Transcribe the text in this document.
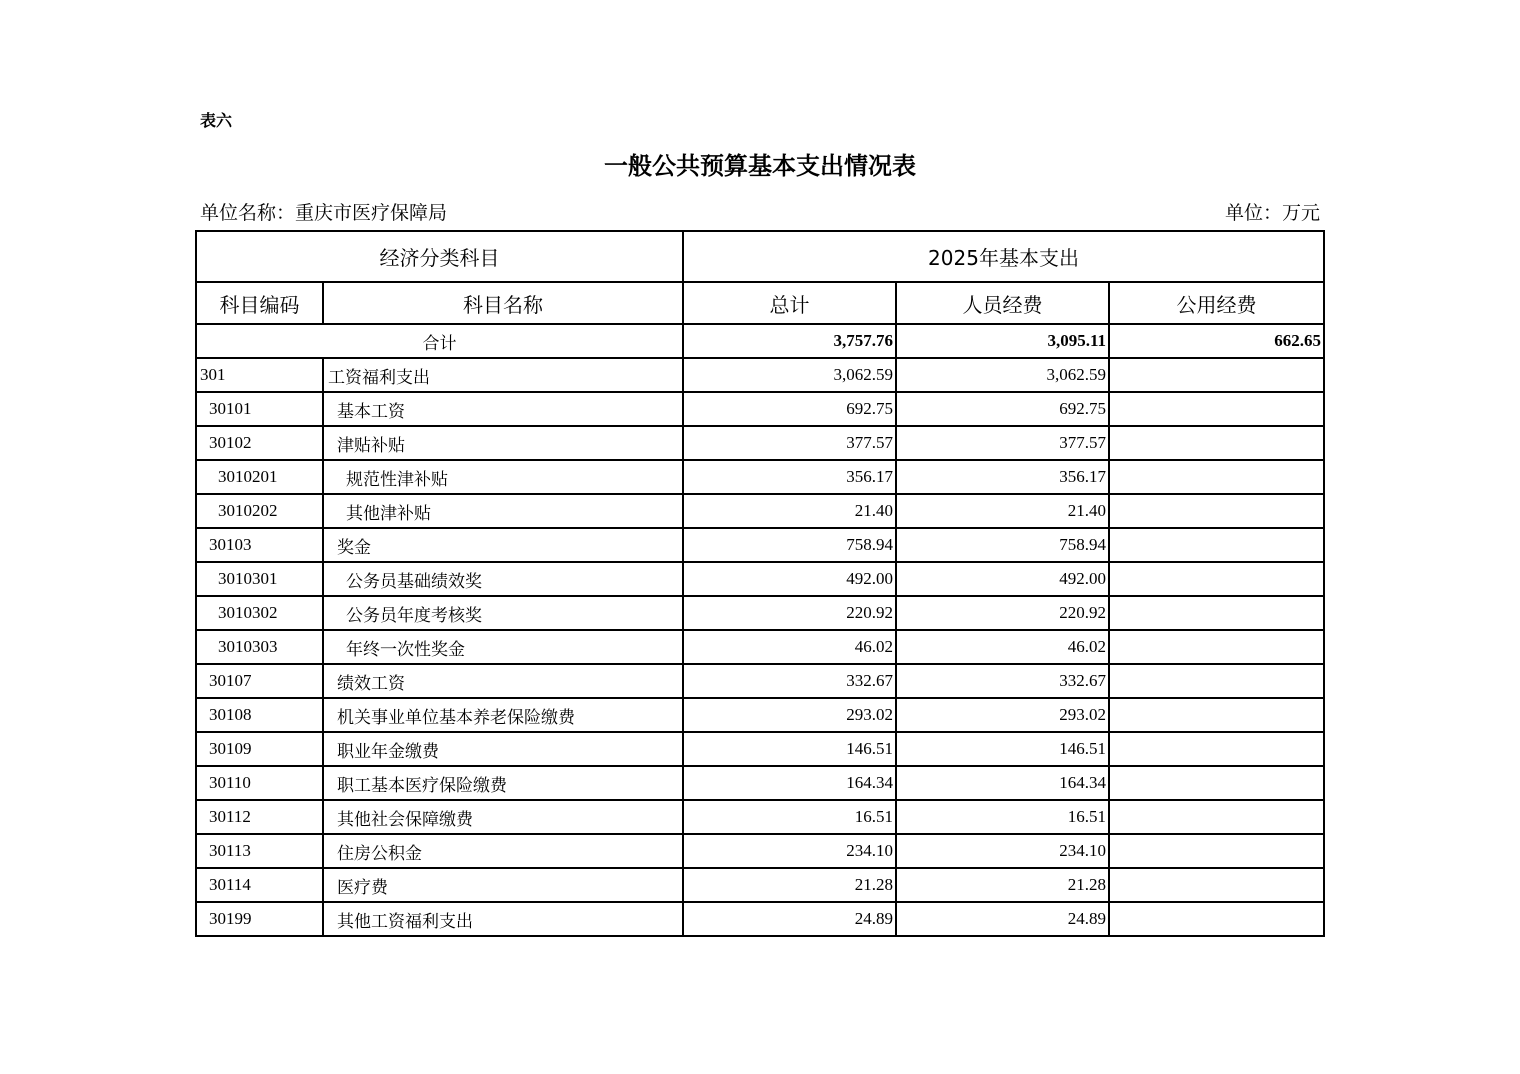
表六
一般公共预算基本支出情况表
单位名称：重庆市医疗保障局	单位：万元
经济分类科目		2025年基本支出		
科目编码	科目名称	总计	人员经费	公用经费
合计		3,757.76	3,095.11	662.65
301	工资福利支出	3,062.59	3,062.59	
30101	基本工资	692.75	692.75	
30102	津贴补贴	377.57	377.57	
3010201	规范性津补贴	356.17	356.17	
3010202	其他津补贴	21.40	21.40	
30103	奖金	758.94	758.94	
3010301	公务员基础绩效奖	492.00	492.00	
3010302	公务员年度考核奖	220.92	220.92	
3010303	年终一次性奖金	46.02	46.02	
30107	绩效工资	332.67	332.67	
30108	机关事业单位基本养老保险缴费	293.02	293.02	
30109	职业年金缴费	146.51	146.51	
30110	职工基本医疗保险缴费	164.34	164.34	
30112	其他社会保障缴费	16.51	16.51	
30113	住房公积金	234.10	234.10	
30114	医疗费	21.28	21.28	
30199	其他工资福利支出	24.89	24.89	
